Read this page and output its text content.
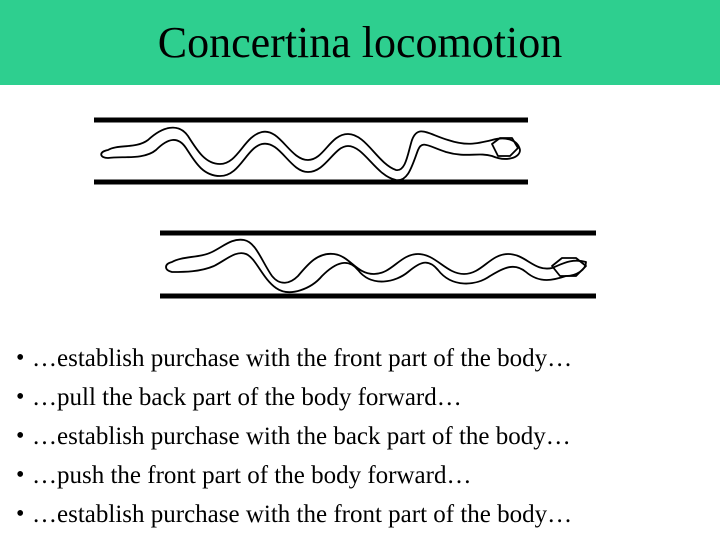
Concertina locomotion
• …establish purchase with the front part of the body…
• …pull the back part of the body forward…
• …establish purchase with the back part of the body…
• …push the front part of the body forward…
• …establish purchase with the front part of the body…
